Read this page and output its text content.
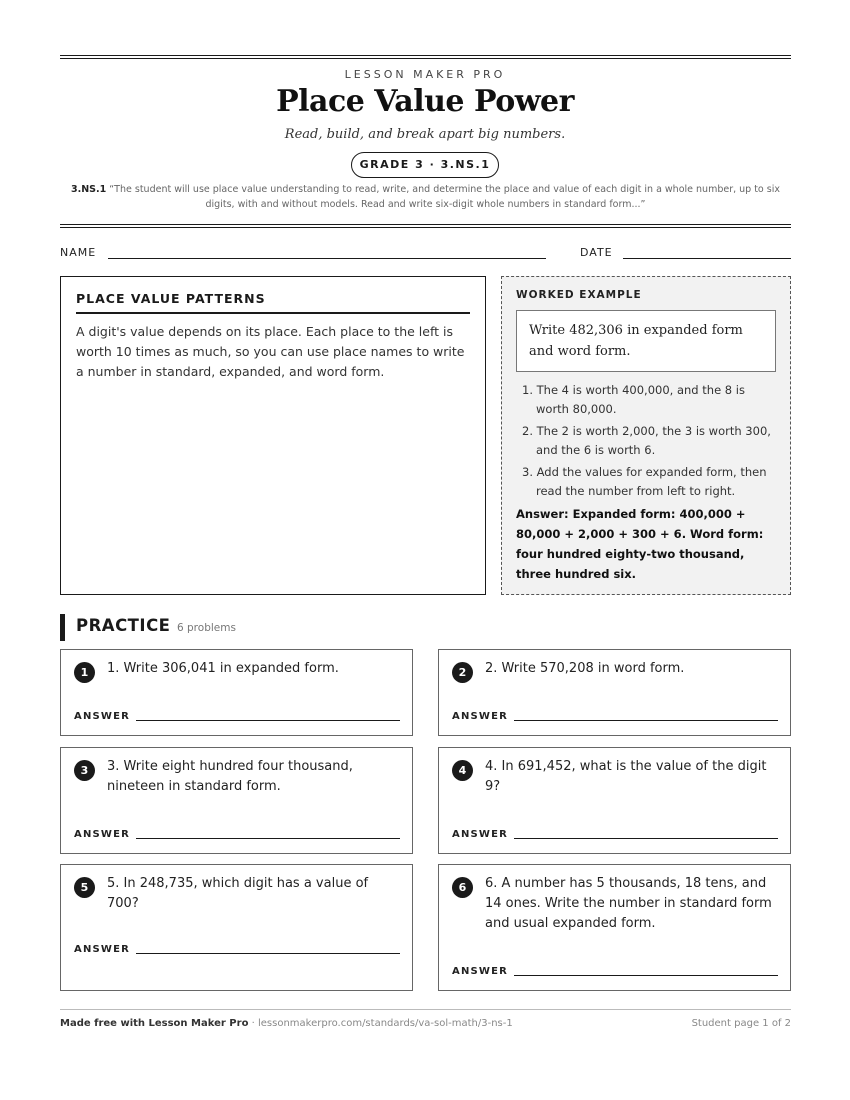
LESSON MAKER PRO
Place Value Power
Read, build, and break apart big numbers.
GRADE 3 · 3.NS.1
3.NS.1 “The student will use place value understanding to read, write, and determine the place and value of each digit in a whole number, up to six digits, with and without models. Read and write six-digit whole numbers in standard form...”
NAME	DATE
PLACE VALUE PATTERNS
A digit's value depends on its place. Each place to the left is worth 10 times as much, so you can use place names to write a number in standard, expanded, and word form.
WORKED EXAMPLE
Write 482,306 in expanded form and word form.
1. The 4 is worth 400,000, and the 8 is worth 80,000.
2. The 2 is worth 2,000, the 3 is worth 300, and the 6 is worth 6.
3. Add the values for expanded form, then read the number from left to right.
Answer: Expanded form: 400,000 + 80,000 + 2,000 + 300 + 6. Word form: four hundred eighty-two thousand, three hundred six.
PRACTICE 6 problems
1	1. Write 306,041 in expanded form.
ANSWER
2	2. Write 570,208 in word form.
ANSWER
3	3. Write eight hundred four thousand, nineteen in standard form.
ANSWER
4	4. In 691,452, what is the value of the digit 9?
ANSWER
5	5. In 248,735, which digit has a value of 700?
ANSWER
6	6. A number has 5 thousands, 18 tens, and 14 ones. Write the number in standard form and usual expanded form.
ANSWER
Made free with Lesson Maker Pro · lessonmakerpro.com/standards/va-sol-math/3-ns-1	Student page 1 of 2
